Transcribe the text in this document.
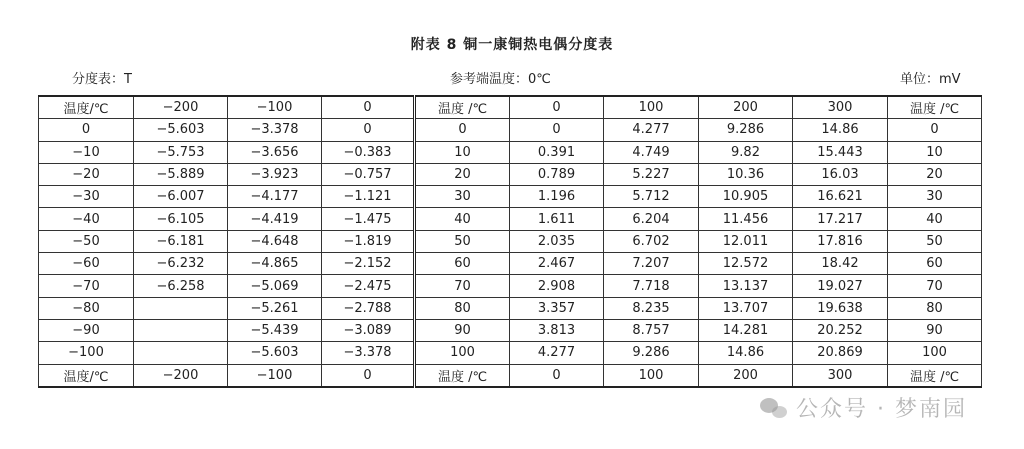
附表 8 铜一康铜热电偶分度表
分度表：T	参考端温度：0℃	单位：mV
温度/℃	−200	−100	0	温度 /℃	0	100	200	300	温度 /℃
0	−5.603	−3.378	0	0	0	4.277	9.286	14.86	0
−10	−5.753	−3.656	−0.383	10	0.391	4.749	9.82	15.443	10
−20	−5.889	−3.923	−0.757	20	0.789	5.227	10.36	16.03	20
−30	−6.007	−4.177	−1.121	30	1.196	5.712	10.905	16.621	30
−40	−6.105	−4.419	−1.475	40	1.611	6.204	11.456	17.217	40
−50	−6.181	−4.648	−1.819	50	2.035	6.702	12.011	17.816	50
−60	−6.232	−4.865	−2.152	60	2.467	7.207	12.572	18.42	60
−70	−6.258	−5.069	−2.475	70	2.908	7.718	13.137	19.027	70
−80		−5.261	−2.788	80	3.357	8.235	13.707	19.638	80
−90		−5.439	−3.089	90	3.813	8.757	14.281	20.252	90
−100		−5.603	−3.378	100	4.277	9.286	14.86	20.869	100
温度/℃	−200	−100	0	温度 /℃	0	100	200	300	温度 /℃
公众号 · 梦南园
